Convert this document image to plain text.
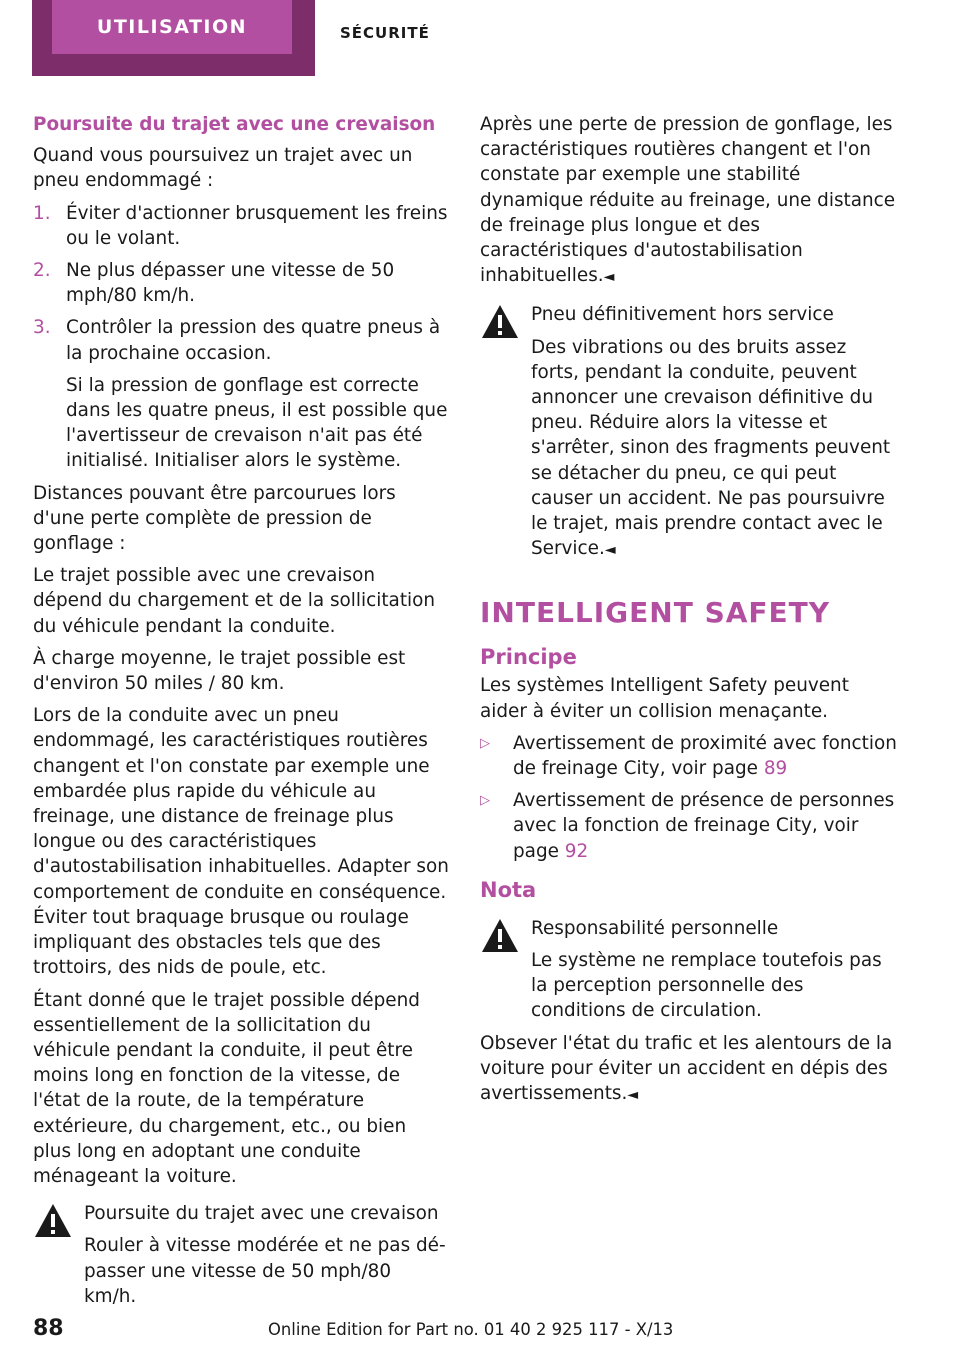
UTILISATION	SÉCURITÉ
Poursuite du trajet avec une crevaison

Quand vous poursuivez un trajet avec un pneu endommagé :

1. Éviter d'actionner brusquement les freins ou le volant.
2. Ne plus dépasser une vitesse de 50 mph/80 km/h.
3. Contrôler la pression des quatre pneus à la prochaine occasion.
Si la pression de gonflage est correcte dans les quatre pneus, il est possible que l'avertisseur de crevaison n'ait pas été initialisé. Initialiser alors le système.

Distances pouvant être parcourues lors d'une perte complète de pression de gonflage :

Le trajet possible avec une crevaison dépend du chargement et de la sollicitation du véhicule pendant la conduite.

À charge moyenne, le trajet possible est d'environ 50 miles / 80 km.

Lors de la conduite avec un pneu endommagé, les caractéristiques routières changent et l'on constate par exemple une embardée plus rapide du véhicule au freinage, une distance de freinage plus longue ou des caractéristiques d'autostabilisation inhabituelles. Adapter son comportement de conduite en conséquence. Éviter tout braquage brusque ou roulage impliquant des obstacles tels que des trottoirs, des nids de poule, etc.

Étant donné que le trajet possible dépend essentiellement de la sollicitation du véhicule pendant la conduite, il peut être moins long en fonction de la vitesse, de l'état de la route, de la température extérieure, du chargement, etc., ou bien plus long en adoptant une conduite ménageant la voiture.

Poursuite du trajet avec une crevaison
Rouler à vitesse modérée et ne pas dépasser une vitesse de 50 mph/80 km/h.

Après une perte de pression de gonflage, les caractéristiques routières changent et l'on constate par exemple une stabilité dynamique réduite au freinage, une distance de freinage plus longue et des caractéristiques d'autostabilisation inhabituelles.◄

Pneu définitivement hors service
Des vibrations ou des bruits assez forts, pendant la conduite, peuvent annoncer une crevaison définitive du pneu. Réduire alors la vitesse et s'arrêter, sinon des fragments peuvent se détacher du pneu, ce qui peut causer un accident. Ne pas poursuivre le trajet, mais prendre contact avec le Service.◄
INTELLIGENT SAFETY
Principe

Les systèmes Intelligent Safety peuvent aider à éviter un collision menaçante.

▷ Avertissement de proximité avec fonction de freinage City, voir page 89
▷ Avertissement de présence de personnes avec la fonction de freinage City, voir page 92
Nota
Responsabilité personnelle
Le système ne remplace toutefois pas la perception personnelle des conditions de circulation.

Obsever l'état du trafic et les alentours de la voiture pour éviter un accident en dépis des avertissements.◄

88	Online Edition for Part no. 01 40 2 925 117 - X/13
